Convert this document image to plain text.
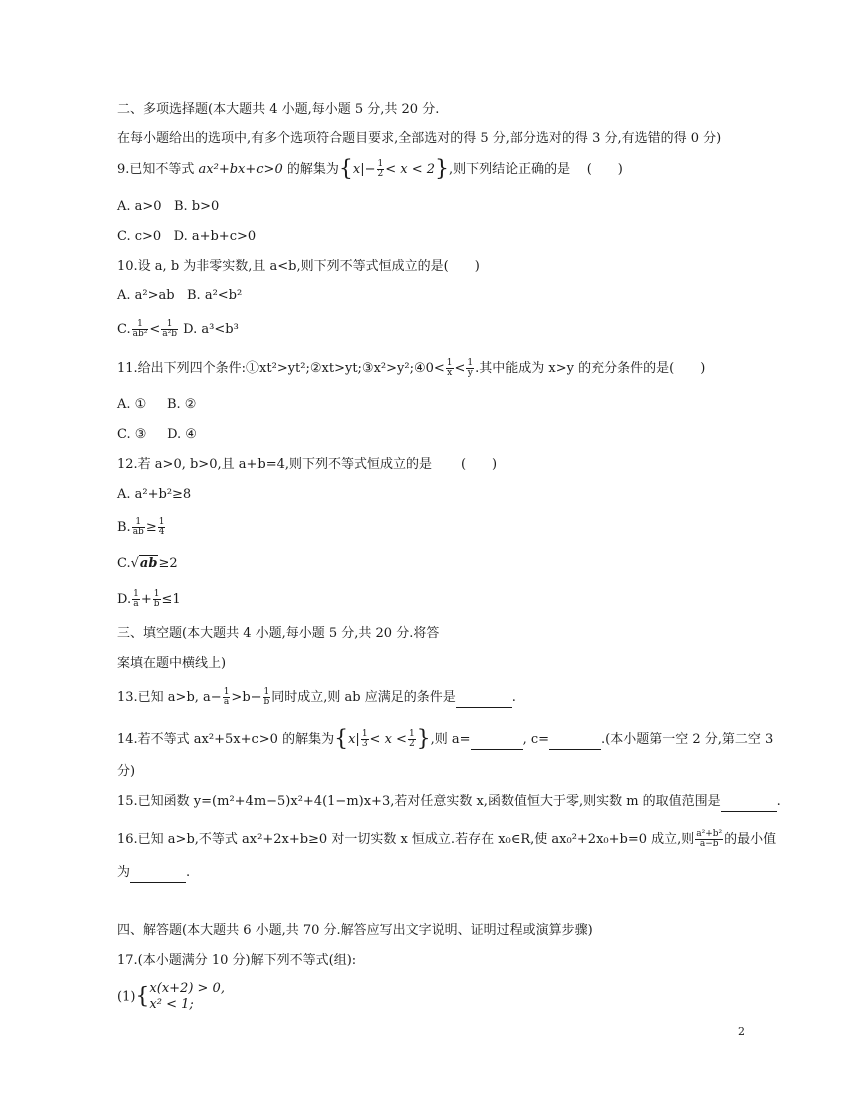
二、多项选择题(本大题共 4 小题,每小题 5 分,共 20 分.
在每小题给出的选项中,有多个选项符合题目要求,全部选对的得 5 分,部分选对的得 3 分,有选错的得 0 分)
9.已知不等式 ax²+bx+c>0 的解集为$\{x|- \frac{1}{2} < x < 2\}$,则下列结论正确的是 (　　)
A. a>0 B. b>0
C. c>0 D. a+b+c>0
10.设 a, b 为非零实数,且 a<b,则下列不等式恒成立的是(　　)
A. a²>ab B. a²<b²
C. $\frac{1}{\text{ab²}} < \frac{1}{\text{a²b}} D$. a³<b³
11.给出下列四个条件:①xt²>yt²;②xt>yt;③x²>y²;④0< $\frac{1}{x} < \frac{1}{y}$ .其中能成为 x>y 的充分条件的是(　　)
A. ① B. ②
C. ③ D. ④
12.若 a>0, b>0,且 a+b=4,则下列不等式恒成立的是 (　　)
A. a²+b²≥8
B. $\frac{1}{ab} \ge \frac{1}{4}$
C.√ab≥2
D. $\frac{1}{a} + \frac{1}{b} \le 1$
三、填空题(本大题共 4 小题,每小题 5 分,共 20 分.将答
案填在题中横线上)
13.已知 a>b, $a- \frac{1}{a} >b- \frac{1}{b}$ 同时成立,则 ab 应满足的条件是	.
14.若不等式 ax²+5x+c>0 的解集为{$x| \frac{1}{3} < x < \frac{1}{2}$ },则 a=	, c=	.(本小题第一空 2 分,第二空 3
分)
15.已知函数 y=(m²+4m−5)x²+4(1−m)x+3,若对任意实数 x,函数值恒大于零,则实数 m 的取值范围是	.
16.已知 a>b,不等式 ax²+2x+b≥0 对一切实数 x 恒成立.若存在 x₀∈R,使 ax₀²+2x₀+b=0 成立,则 $\frac{\text{a²+b²}}{a-b}$ 的最小值
为	.
四、解答题(本大题共 6 小题,共 70 分.解答应写出文字说明、证明过程或演算步骤)
17.(本小题满分 10 分)解下列不等式(组):
(1){ x(x+2) > 0,
x² < 1;
2
